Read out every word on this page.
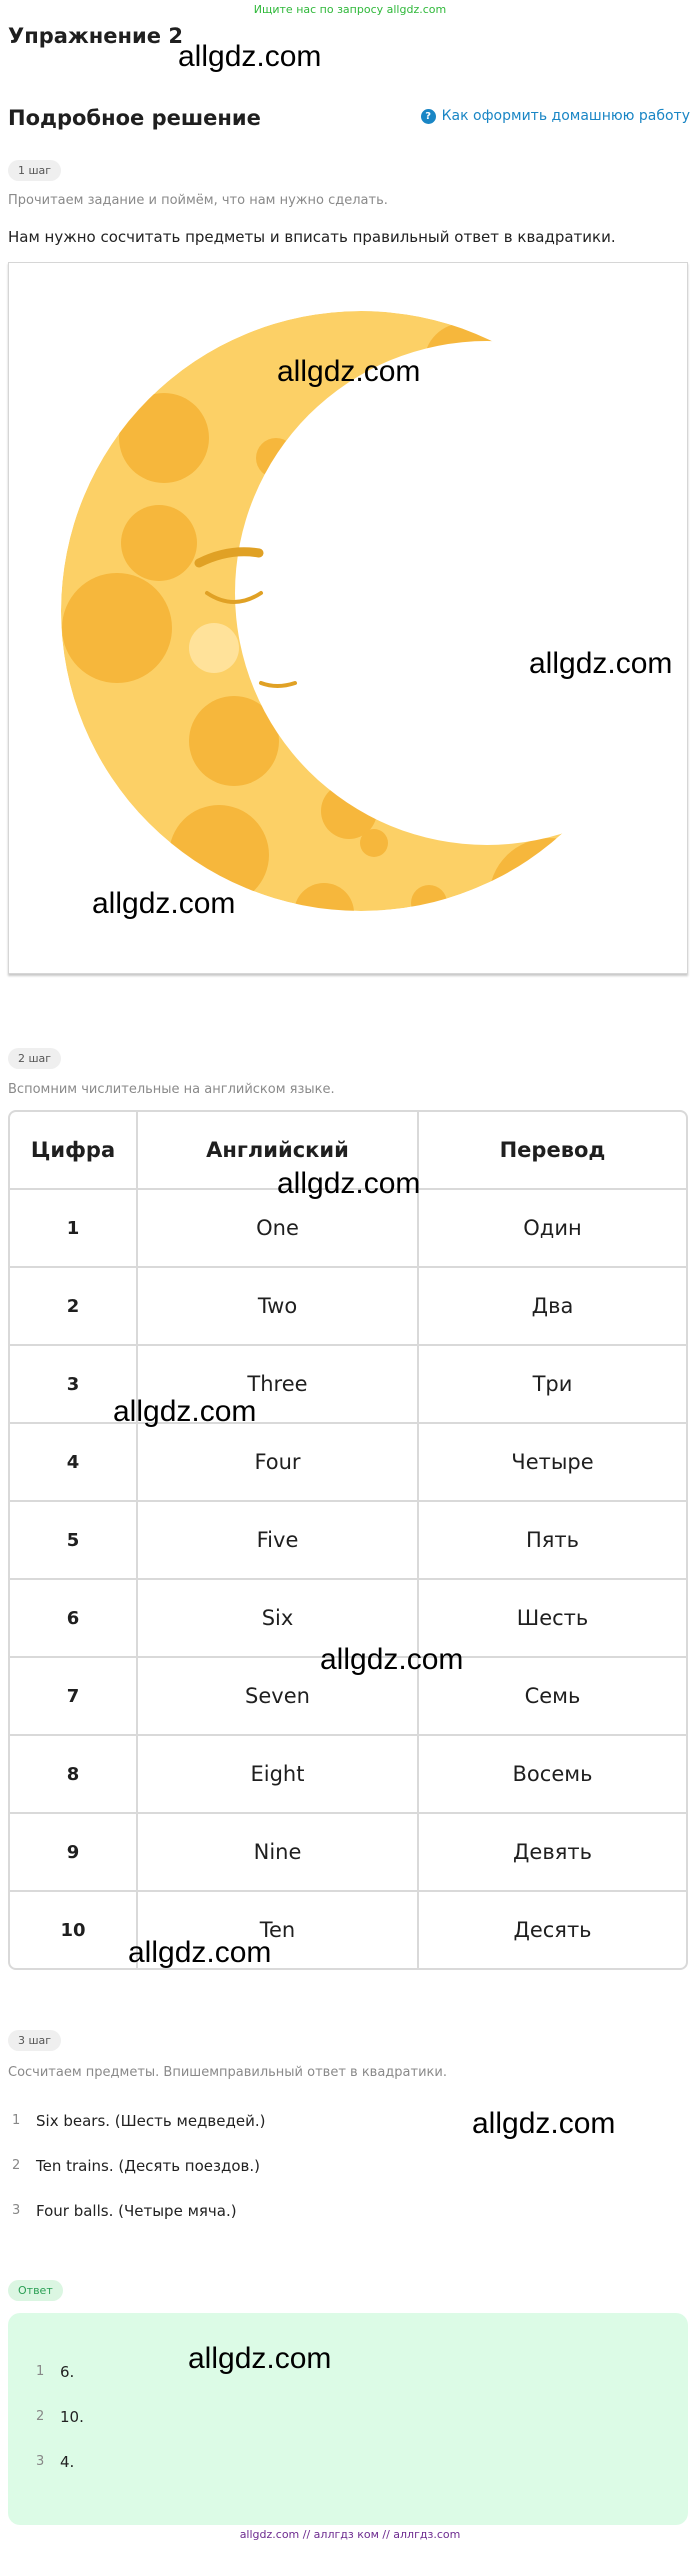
Ищите нас по запросу allgdz.com
Упражнение 2
Подробное решение	? Как оформить домашнюю работу
1 шаг
Прочитаем задание и поймём, что нам нужно сделать.
Нам нужно сосчитать предметы и вписать правильный ответ в квадратики.
2 шаг
Вспомним числительные на английском языке.
Цифра	Английский	Перевод
1	One	Один
2	Two	Два
3	Three	Три
4	Four	Четыре
5	Five	Пять
6	Six	Шесть
7	Seven	Семь
8	Eight	Восемь
9	Nine	Девять
10	Ten	Десять
3 шаг
Сосчитаем предметы. Впишемправильный ответ в квадратики.
1	Six bears. (Шесть медведей.)
2	Ten trains. (Десять поездов.)
3	Four balls. (Четыре мяча.)
Ответ
1	6.
2	10.
3	4.
allgdz.com // аллгдз ком // аллгдз.com
allgdz.com
allgdz.com
allgdz.com
allgdz.com
allgdz.com
allgdz.com
allgdz.com
allgdz.com
allgdz.com
allgdz.com
